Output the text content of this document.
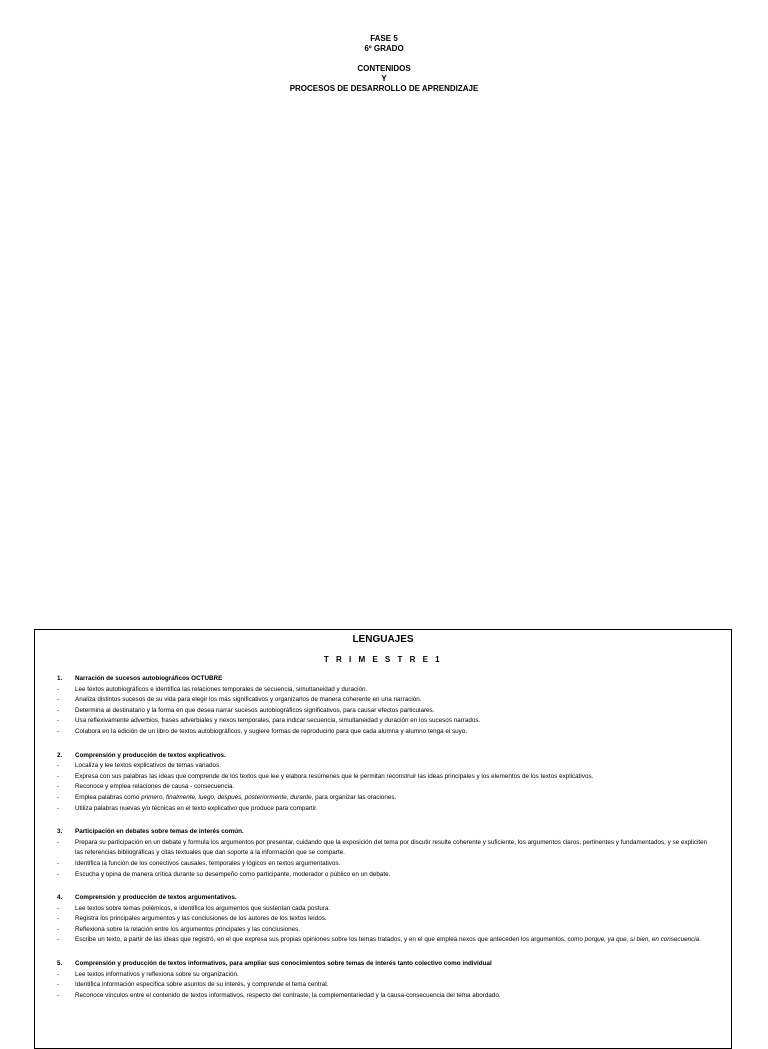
FASE 5
6º GRADO
CONTENIDOS
Y
PROCESOS DE DESARROLLO DE APRENDIZAJE
LENGUAJES
T R I M E S T R E 1
1.	Narración de sucesos autobiográficos OCTUBRE
-	Lee textos autobiográficos e identifica las relaciones temporales de secuencia, simultaneidad y duración.
-	Analiza distintos sucesos de su vida para elegir los más significativos y organizarlos de manera coherente en una narración.
-	Determina al destinatario y la forma en que desea narrar sucesos autobiográficos significativos, para causar efectos particulares.
-	Usa reflexivamente adverbios, frases adverbiales y nexos temporales, para indicar secuencia, simultaneidad y duración en los sucesos narrados.
-	Colabora en la edición de un libro de textos autobiográficos, y sugiere formas de reproducirlo para que cada alumna y alumno tenga el suyo.
2.	Comprensión y producción de textos explicativos.
-	Localiza y lee textos explicativos de temas variados.
-	Expresa con sus palabras las ideas que comprende de los textos que lee y elabora resúmenes que le permitan reconstruir las ideas principales y los elementos de los textos explicativos.
-	Reconoce y emplea relaciones de causa - consecuencia.
-	Emplea palabras como primero, finalmente, luego, después, posteriormente, durante, para organizar las oraciones.
-	Utiliza palabras nuevas y/o técnicas en el texto explicativo que produce para compartir.
3.	Participación en debates sobre temas de interés común.
-	Prepara su participación en un debate y formula los argumentos por presentar, cuidando que la exposición del tema por discutir resulte coherente y suficiente, los argumentos claros, pertinentes y fundamentados, y se expliciten las referencias bibliográficas y citas textuales que dan soporte a la información que se comparte.
-	Identifica la función de los conectivos causales, temporales y lógicos en textos argumentativos.
-	Escucha y opina de manera crítica durante su desempeño como participante, moderador o público en un debate.
4.	Comprensión y producción de textos argumentativos.
-	Lee textos sobre temas polémicos, e identifica los argumentos que sustentan cada postura.
-	Registra los principales argumentos y las conclusiones de los autores de los textos leídos.
-	Reflexiona sobre la relación entre los argumentos principales y las conclusiones.
-	Escribe un texto, a partir de las ideas que registró, en el que expresa sus propias opiniones sobre los temas tratados, y en el que emplea nexos que anteceden los argumentos, como porque, ya que, si bien, en consecuencia.
5.	Comprensión y producción de textos informativos, para ampliar sus conocimientos sobre temas de interés tanto colectivo como individual
-	Lee textos informativos y reflexiona sobre su organización.
-	Identifica información específica sobre asuntos de su interés, y comprende el tema central.
-	Reconoce vínculos entre el contenido de textos informativos, respecto del contraste, la complementariedad y la causa-consecuencia del tema abordado.
